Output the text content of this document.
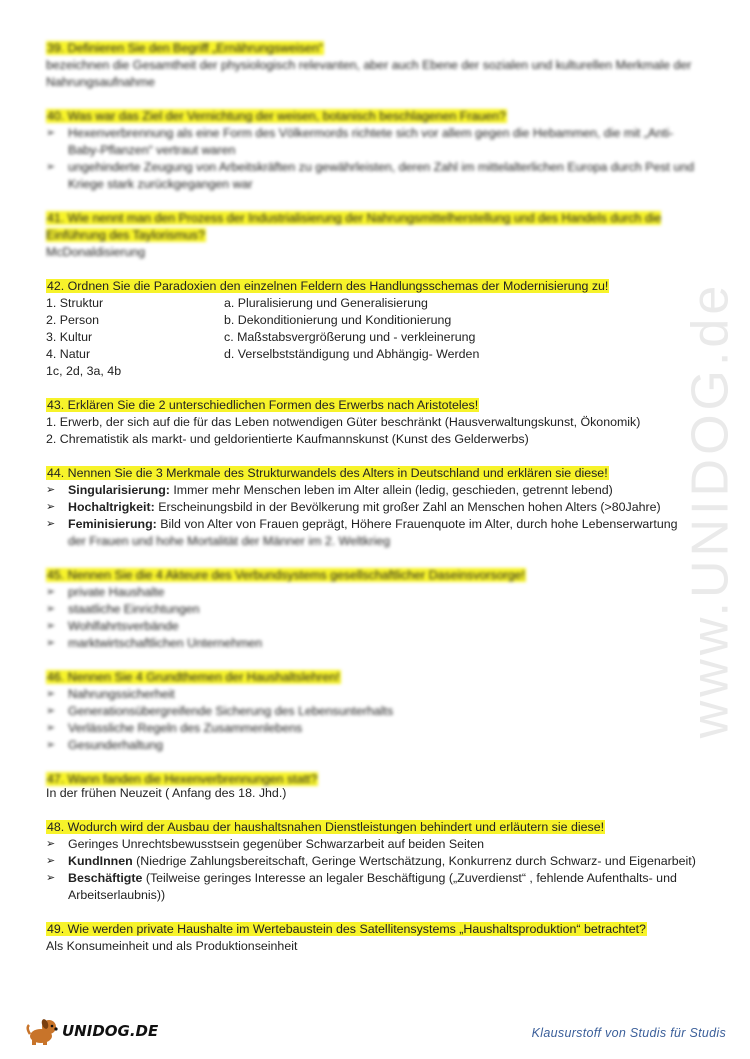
www.UNIDOG.de
39. Definieren Sie den Begriff „Ernährungsweisen“
bezeichnen die Gesamtheit der physiologisch relevanten, aber auch Ebene der sozialen und kulturellen Merkmale der Nahrungsaufnahme
40. Was war das Ziel der Vernichtung der weisen, botanisch beschlagenen Frauen?
➢ Hexenverbrennung als eine Form des Völkermords richtete sich vor allem gegen die Hebammen, die mit „Anti-Baby-Pflanzen“ vertraut waren
➢ ungehinderte Zeugung von Arbeitskräften zu gewährleisten, deren Zahl im mittelalterlichen Europa durch Pest und Kriege stark zurückgegangen war
41. Wie nennt man den Prozess der Industrialisierung der Nahrungsmittelherstellung und des Handels durch die Einführung des Taylorismus?
McDonaldisierung
42. Ordnen Sie die Paradoxien den einzelnen Feldern des Handlungsschemas der Modernisierung zu!
1. Struktur	a. Pluralisierung und Generalisierung
2. Person	b. Dekonditionierung und Konditionierung
3. Kultur	c. Maßstabsvergrößerung und - verkleinerung
4. Natur	d. Verselbstständigung und Abhängig- Werden
1c, 2d, 3a, 4b
43. Erklären Sie die 2 unterschiedlichen Formen des Erwerbs nach Aristoteles!
1. Erwerb, der sich auf die für das Leben notwendigen Güter beschränkt (Hausverwaltungskunst, Ökonomik)
2. Chrematistik als markt- und geldorientierte Kaufmannskunst (Kunst des Gelderwerbs)
44. Nennen Sie die 3 Merkmale des Strukturwandels des Alters in Deutschland und erklären sie diese!
➢ Singularisierung: Immer mehr Menschen leben im Alter allein (ledig, geschieden, getrennt lebend)
➢ Hochaltrigkeit: Erscheinungsbild in der Bevölkerung mit großer Zahl an Menschen hohen Alters (>80Jahre)
➢ Feminisierung: Bild von Alter von Frauen geprägt, Höhere Frauenquote im Alter, durch hohe Lebenserwartung
der Frauen und hohe Mortalität der Männer im 2. Weltkrieg
45. Nennen Sie die 4 Akteure des Verbundsystems gesellschaftlicher Daseinsvorsorge!
➢ private Haushalte
➢ staatliche Einrichtungen
➢ Wohlfahrtsverbände
➢ marktwirtschaftlichen Unternehmen
46. Nennen Sie 4 Grundthemen der Haushaltslehren!
➢ Nahrungssicherheit
➢ Generationsübergreifende Sicherung des Lebensunterhalts
➢ Verlässliche Regeln des Zusammenlebens
➢ Gesunderhaltung
47. Wann fanden die Hexenverbrennungen statt?
In der frühen Neuzeit ( Anfang des 18. Jhd.)
48. Wodurch wird der Ausbau der haushaltsnahen Dienstleistungen behindert und erläutern sie diese!
➢ Geringes Unrechtsbewusstsein gegenüber Schwarzarbeit auf beiden Seiten
➢ KundInnen (Niedrige Zahlungsbereitschaft, Geringe Wertschätzung, Konkurrenz durch Schwarz- und Eigenarbeit)
➢ Beschäftigte (Teilweise geringes Interesse an legaler Beschäftigung („Zuverdienst“ , fehlende Aufenthalts- und Arbeitserlaubnis))
49. Wie werden private Haushalte im Wertebaustein des Satellitensystems „Haushaltsproduktion“ betrachtet?
Als Konsumeinheit und als Produktionseinheit
UNIDOG.DE	Klausurstoff von Studis für Studis
